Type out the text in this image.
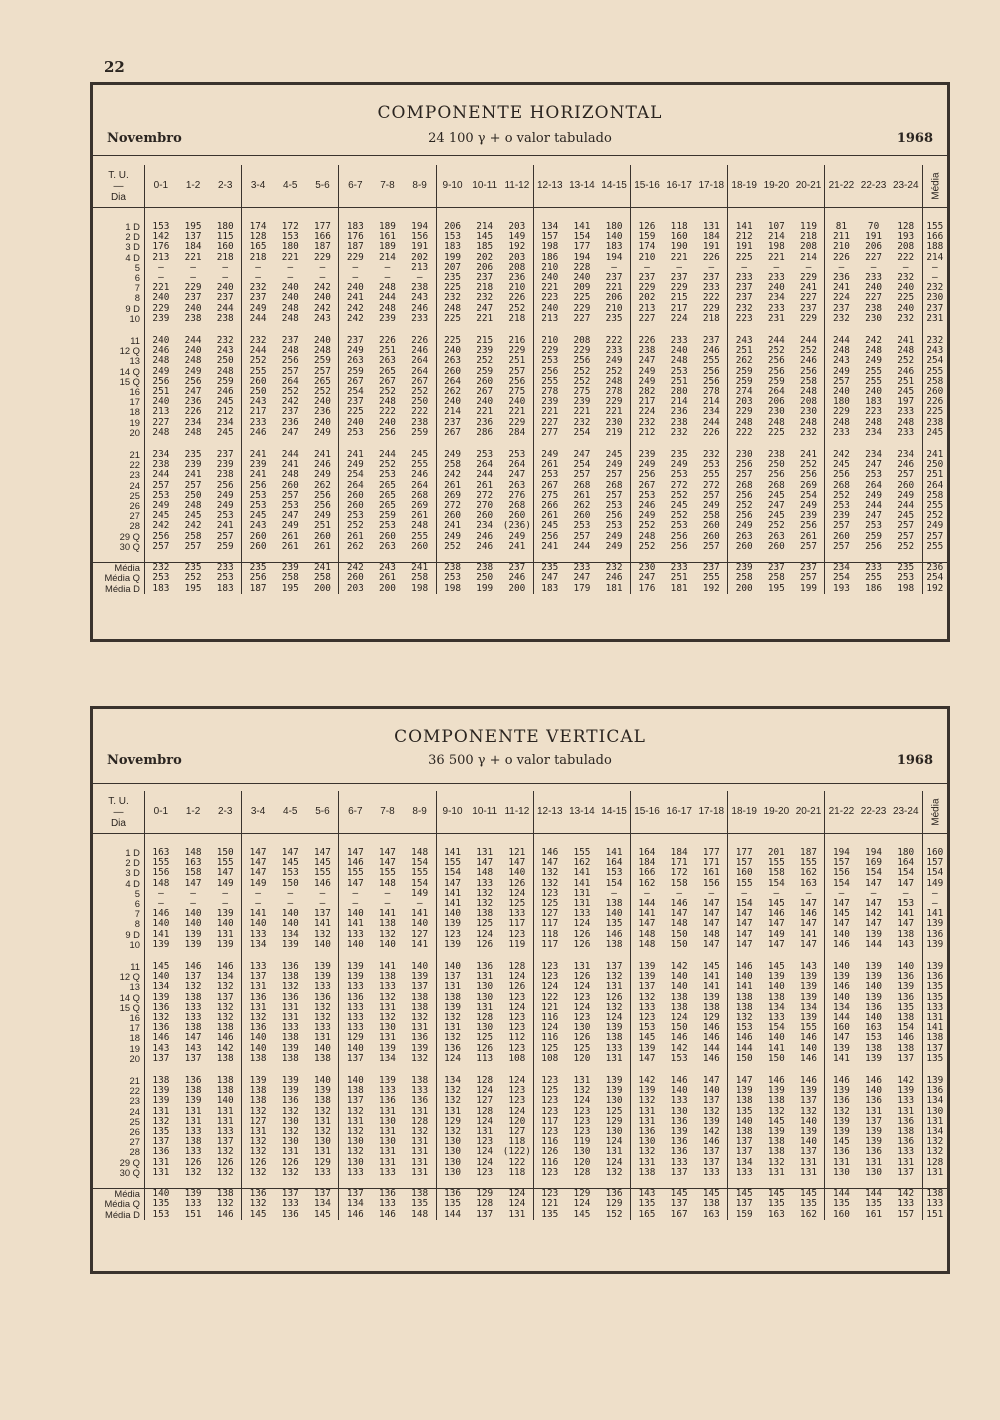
22
COMPONENTE HORIZONTAL
Novembro	24 100 γ + o valor tabulado	1968
T. U.
—
Dia	0-1	1-2	2-3	3-4	4-5	5-6	6-7	7-8	8-9	9-10	10-11	11-12	12-13	13-14	14-15	15-16	16-17	17-18	18-19	19-20	20-21	21-22	22-23	23-24	Média

1 D	153	195	180	174	172	177	183	189	194	206	214	203	134	141	180	126	118	131	141	107	119	81	70	128	155
2 D	142	137	115	128	153	166	176	161	156	153	145	149	157	154	140	159	160	184	212	214	218	211	191	193	166
3 D	176	184	160	165	180	187	187	189	191	183	185	192	198	177	183	174	190	191	191	198	208	210	206	208	188
4 D	213	221	218	218	221	229	229	214	202	199	202	203	186	194	194	210	221	226	225	221	214	226	227	222	214
5	—	—	—	—	—	—	—	—	213	207	206	208	210	228	—	—	—	—	—	—	—	—	—	—	—
6	—	—	—	—	—	—	—	—	—	235	237	236	240	240	237	237	237	237	233	233	229	236	233	232	—
7	221	229	240	232	240	242	240	248	238	225	218	210	221	209	221	229	229	233	237	240	241	241	240	240	232
8	240	237	237	237	240	240	241	244	243	232	232	226	223	225	206	202	215	222	237	234	227	224	227	225	230
9 D	229	240	244	249	248	242	242	248	246	248	247	252	240	229	210	213	217	229	232	233	237	237	238	240	237
10	239	238	238	244	248	243	242	239	233	225	221	218	213	227	235	227	224	218	223	231	229	232	230	232	231

11	240	244	232	232	237	240	237	226	226	225	215	216	210	208	222	226	233	237	243	244	244	244	242	241	232
12 Q	246	240	243	244	248	248	249	251	246	240	239	229	229	229	233	238	240	246	251	252	252	248	248	248	243
13	248	248	250	252	256	259	263	263	264	263	252	251	253	256	249	247	248	255	262	256	246	243	249	252	254
14 Q	249	249	248	255	257	257	259	265	264	260	259	257	256	252	252	249	253	256	259	256	256	249	255	246	255
15 Q	256	256	259	260	264	265	267	267	267	264	260	256	255	252	248	249	251	256	259	259	258	257	255	251	258
16	251	247	246	250	252	252	254	252	252	262	267	275	278	275	278	282	280	278	274	264	248	240	240	245	260
17	240	236	245	243	242	240	237	248	250	240	240	240	239	239	229	217	214	214	203	206	208	180	183	197	226
18	213	226	212	217	237	236	225	222	222	214	221	221	221	221	221	224	236	234	229	230	230	229	223	233	225
19	227	234	234	233	236	240	240	240	238	237	236	229	227	232	230	232	238	244	248	248	248	248	248	248	238
20	248	248	245	246	247	249	253	256	259	267	286	284	277	254	219	212	232	226	222	225	232	233	234	233	245

21	234	235	237	241	244	241	241	244	245	249	253	253	249	247	245	239	235	232	230	238	241	242	234	234	241
22	238	239	239	239	241	246	249	252	255	258	264	264	261	254	249	249	249	253	256	250	252	245	247	246	250
23	244	241	238	241	248	249	254	253	246	242	244	247	253	257	257	256	253	255	257	256	256	256	253	257	251
24	257	257	256	256	260	262	264	265	264	261	261	263	267	268	268	267	272	272	268	268	269	268	264	260	264
25	253	250	249	253	257	256	260	265	268	269	272	276	275	261	257	253	252	257	256	245	254	252	249	249	258
26	249	248	249	253	253	256	260	265	269	272	270	268	266	262	253	246	245	249	252	247	249	253	244	244	255
27	245	245	253	245	247	249	253	259	261	260	260	260	261	260	256	249	252	258	256	245	239	239	247	245	252
28	242	242	241	243	249	251	252	253	248	241	234	(236)	245	253	253	252	253	260	249	252	256	257	253	257	249
29 Q	256	258	257	260	261	260	261	260	255	249	246	249	256	257	249	248	256	260	263	263	261	260	259	257	257
30 Q	257	257	259	260	261	261	262	263	260	252	246	241	241	244	249	252	256	257	260	260	257	257	256	252	255

Média	232	235	233	235	239	241	242	243	241	238	238	237	235	233	232	230	233	237	239	237	237	234	233	235	236
Média Q	253	252	253	256	258	258	260	261	258	253	250	246	247	247	246	247	251	255	258	258	257	254	255	253	254
Média D	183	195	183	187	195	200	203	200	198	198	199	200	183	179	181	176	181	192	200	195	199	193	186	198	192
COMPONENTE VERTICAL
Novembro	36 500 γ + o valor tabulado	1968
T. U.
—
Dia	0-1	1-2	2-3	3-4	4-5	5-6	6-7	7-8	8-9	9-10	10-11	11-12	12-13	13-14	14-15	15-16	16-17	17-18	18-19	19-20	20-21	21-22	22-23	23-24	Média

1 D	163	148	150	147	147	147	147	147	148	141	131	121	146	155	141	164	184	177	177	201	187	194	194	180	160
2 D	155	163	155	147	145	145	146	147	154	155	147	147	147	162	164	184	171	171	157	155	155	157	169	164	157
3 D	156	158	147	147	153	155	155	155	155	154	148	140	132	141	153	166	172	161	160	158	162	156	154	154	154
4 D	148	147	149	149	150	146	147	148	154	147	133	126	132	141	154	162	158	156	155	154	163	154	147	147	149
5	—	—	—	—	—	—	—	—	149	141	132	124	123	131	—	—	—	—	—	—	—	—	—	—	—
6	—	—	—	—	—	—	—	—	—	141	132	125	125	131	138	144	146	147	154	145	147	147	147	153	—
7	146	140	139	141	140	137	140	141	141	140	138	133	127	133	140	141	147	147	147	146	146	145	142	141	141
8	140	140	140	140	140	141	141	138	140	139	125	117	117	124	135	147	148	147	147	147	147	147	147	147	139
9 D	141	139	131	133	134	132	133	132	127	123	124	123	118	126	146	148	150	148	147	149	141	140	139	138	136
10	139	139	139	134	139	140	140	140	141	139	126	119	117	126	138	148	150	147	147	147	147	146	144	143	139

11	145	146	146	133	136	139	139	141	140	140	136	128	123	131	137	139	142	145	146	145	143	140	139	140	139
12 Q	140	137	134	137	138	139	139	138	139	137	131	124	123	126	132	139	140	141	140	139	139	139	139	136	136
13	134	132	132	131	132	133	133	133	137	131	130	126	124	124	131	137	140	141	141	140	139	146	140	139	135
14 Q	139	138	137	136	136	136	136	132	138	138	130	123	122	123	126	132	138	139	138	138	139	140	139	136	135
15 Q	136	133	132	131	131	132	133	131	138	139	131	124	121	124	132	133	138	138	138	134	134	134	136	135	133
16	132	133	132	132	131	132	133	132	132	132	128	123	116	123	124	123	124	129	132	133	139	144	140	138	131
17	136	138	138	136	133	133	133	130	131	131	130	123	124	130	139	153	150	146	153	154	155	160	163	154	141
18	146	147	146	140	138	131	129	131	136	132	125	112	116	126	138	145	146	146	146	140	146	147	153	146	138
19	143	143	142	140	139	140	140	139	139	136	126	123	125	125	133	139	142	144	144	141	140	139	138	138	137
20	137	137	138	138	138	138	137	134	132	124	113	108	108	120	131	147	153	146	150	150	146	141	139	137	135

21	138	136	138	139	139	140	140	139	138	134	128	124	123	131	139	142	146	147	147	146	146	146	146	142	139
22	139	138	138	138	139	139	138	133	133	132	124	123	125	132	139	139	140	140	139	139	139	139	140	139	136
23	139	139	140	138	136	138	137	136	136	132	127	123	123	124	130	132	133	137	138	138	137	136	136	133	134
24	131	131	131	132	132	132	132	131	131	131	128	124	123	123	125	131	130	132	135	132	132	132	131	131	130
25	132	131	131	127	130	131	131	130	128	129	124	120	117	123	129	131	136	139	140	145	140	139	137	136	131
26	135	133	133	131	132	132	132	131	132	132	131	127	123	123	130	136	139	142	138	139	139	139	139	138	134
27	137	138	137	132	130	130	130	130	131	130	123	118	116	119	124	130	136	146	137	138	140	145	139	136	132
28	136	133	132	132	131	131	132	131	131	130	124	(122)	126	130	131	132	136	137	137	138	137	136	136	133	132
29 Q	131	126	126	126	126	129	130	131	131	130	124	122	116	120	124	131	133	137	134	132	131	131	131	131	128
30 Q	131	132	132	132	132	133	133	133	131	130	123	118	123	128	132	138	137	133	133	131	131	130	130	137	131

Média	140	139	138	136	137	137	137	136	138	136	129	124	123	129	136	143	145	145	145	145	145	144	144	142	138
Média Q	135	133	132	132	133	134	134	133	135	135	128	124	121	124	129	135	137	138	137	135	135	135	135	133	133
Média D	153	151	146	145	136	145	146	146	148	144	137	131	135	145	152	165	167	163	159	163	162	160	161	157	151
